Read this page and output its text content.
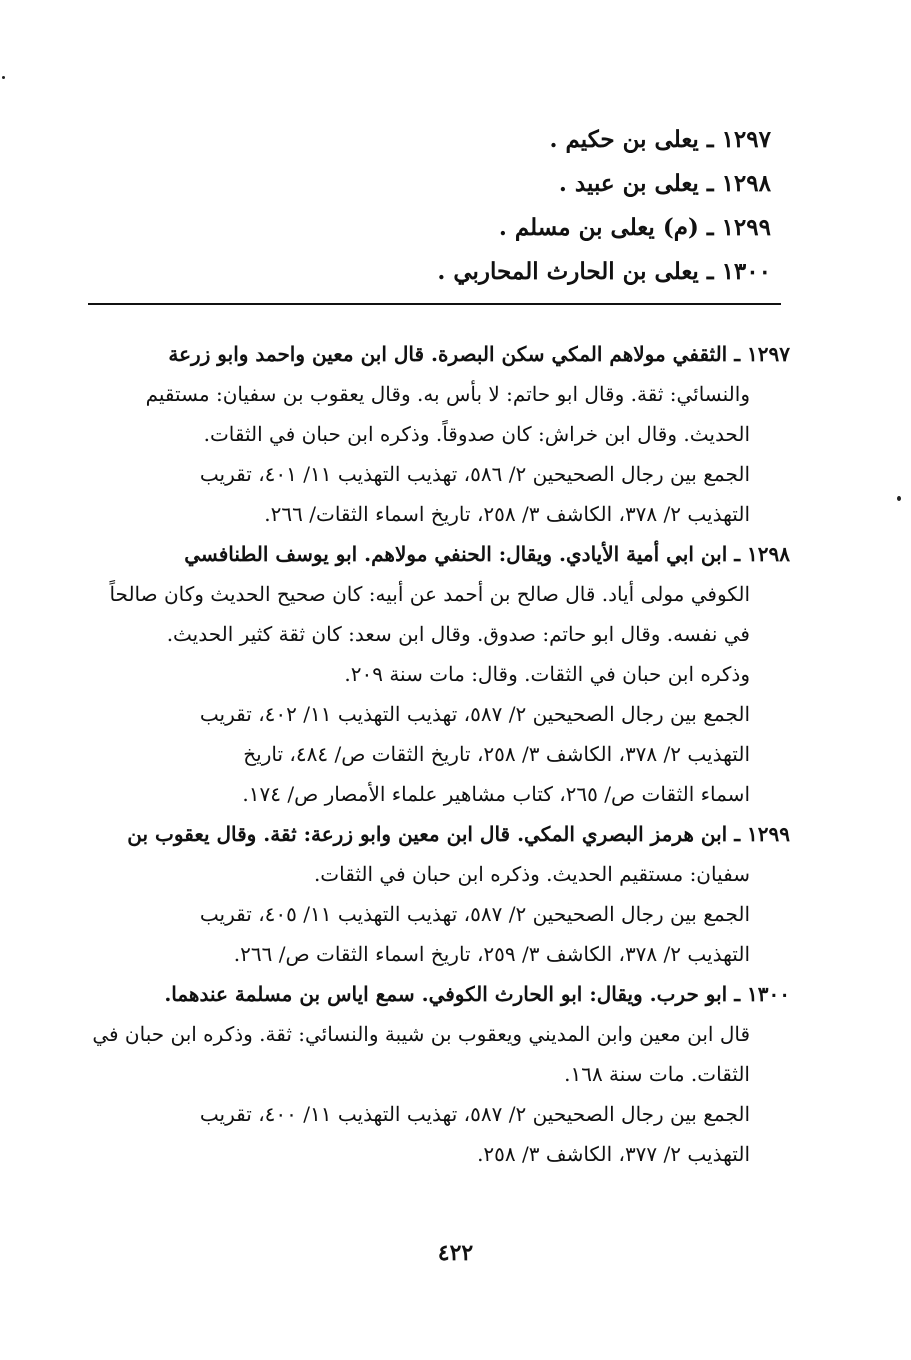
١٢٩٧ ـ يعلى بن حكيم .
١٢٩٨ ـ يعلى بن عبيد .
١٢٩٩ ـ (م) يعلى بن مسلم .
١٣٠٠ ـ يعلى بن الحارث المحاربي .
١٢٩٧ ـ الثقفي مولاهم المكي سكن البصرة. قال ابن معين واحمد وابو زرعة
والنسائي: ثقة. وقال ابو حاتم: لا بأس به. وقال يعقوب بن سفيان: مستقيم
الحديث. وقال ابن خراش: كان صدوقاً. وذكره ابن حبان في الثقات.
الجمع بين رجال الصحيحين ٢/ ٥٨٦، تهذيب التهذيب ١١/ ٤٠١، تقريب
التهذيب ٢/ ٣٧٨، الكاشف ٣/ ٢٥٨، تاريخ اسماء الثقات/ ٢٦٦.
١٢٩٨ ـ ابن ابي أمية الأيادي. ويقال: الحنفي مولاهم. ابو يوسف الطنافسي
الكوفي مولى أياد. قال صالح بن أحمد عن أبيه: كان صحيح الحديث وكان صالحاً
في نفسه. وقال ابو حاتم: صدوق. وقال ابن سعد: كان ثقة كثير الحديث.
وذكره ابن حبان في الثقات. وقال: مات سنة ٢٠٩.
الجمع بين رجال الصحيحين ٢/ ٥٨٧، تهذيب التهذيب ١١/ ٤٠٢، تقريب
التهذيب ٢/ ٣٧٨، الكاشف ٣/ ٢٥٨، تاريخ الثقات ص/ ٤٨٤، تاريخ
اسماء الثقات ص/ ٢٦٥، كتاب مشاهير علماء الأمصار ص/ ١٧٤.
١٢٩٩ ـ ابن هرمز البصري المكي. قال ابن معين وابو زرعة: ثقة. وقال يعقوب بن
سفيان: مستقيم الحديث. وذكره ابن حبان في الثقات.
الجمع بين رجال الصحيحين ٢/ ٥٨٧، تهذيب التهذيب ١١/ ٤٠٥، تقريب
التهذيب ٢/ ٣٧٨، الكاشف ٣/ ٢٥٩، تاريخ اسماء الثقات ص/ ٢٦٦.
١٣٠٠ ـ ابو حرب. ويقال: ابو الحارث الكوفي. سمع اياس بن مسلمة عندهما.
قال ابن معين وابن المديني ويعقوب بن شيبة والنسائي: ثقة. وذكره ابن حبان في
الثقات. مات سنة ١٦٨.
الجمع بين رجال الصحيحين ٢/ ٥٨٧، تهذيب التهذيب ١١/ ٤٠٠، تقريب
التهذيب ٢/ ٣٧٧، الكاشف ٣/ ٢٥٨.
٤٢٢
